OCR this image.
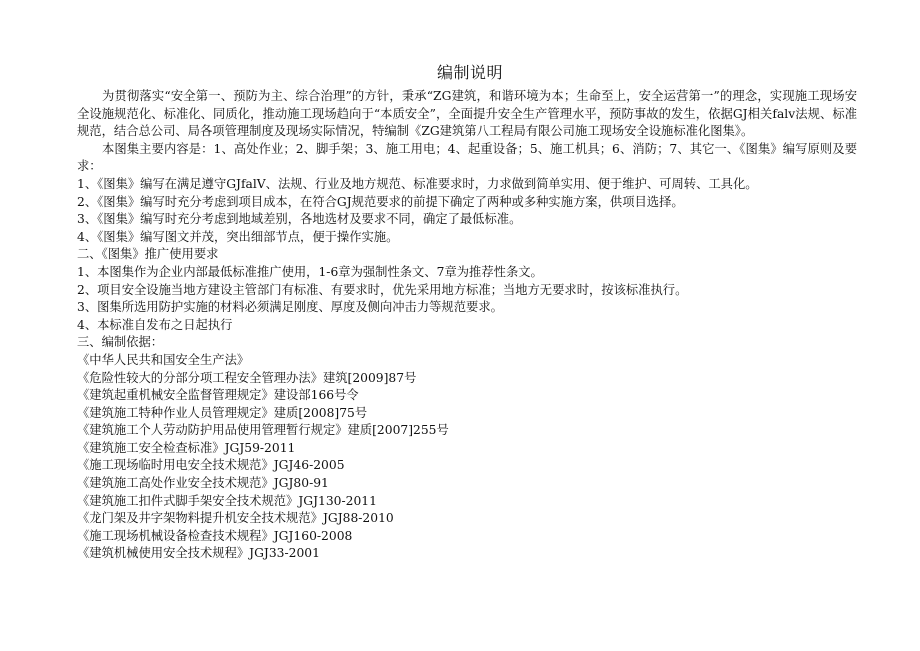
编制说明

为贯彻落实“安全第一、预防为主、综合治理”的方针，秉承“ZG建筑，和谐环境为本；生命至上，安全运营第一”的理念，实现施工现场安全设施规范化、标准化、同质化，推动施工现场趋向于“本质安全”，全面提升安全生产管理水平，预防事故的发生，依据GJ相关falv法规、标准规范，结合总公司、局各项管理制度及现场实际情况，特编制《ZG建筑第八工程局有限公司施工现场安全设施标准化图集》。

本图集主要内容是：1、高处作业；2、脚手架；3、施工用电；4、起重设备；5、施工机具；6、消防；7、其它一、《图集》编写原则及要求：

1、《图集》编写在满足遵守GJfalV、法规、行业及地方规范、标准要求时，力求做到简单实用、便于维护、可周转、工具化。

2、《图集》编写时充分考虑到项目成本，在符合GJ规范要求的前提下确定了两种或多种实施方案，供项目选择。

3、《图集》编写时充分考虑到地域差别，各地选材及要求不同，确定了最低标准。

4、《图集》编写图文并茂，突出细部节点，便于操作实施。

二、《图集》推广使用要求

1、本图集作为企业内部最低标准推广使用，1-6章为强制性条文、7章为推荐性条文。

2、项目安全设施当地方建设主管部门有标准、有要求时，优先采用地方标准；当地方无要求时，按该标准执行。

3、图集所选用防护实施的材料必须满足刚度、厚度及侧向冲击力等规范要求。

4、本标准自发布之日起执行

三、编制依据：

《中华人民共和国安全生产法》

《危险性较大的分部分项工程安全管理办法》建筑[2009]87号

《建筑起重机械安全监督管理规定》建设部166号令

《建筑施工特种作业人员管理规定》建质[2008]75号

《建筑施工个人劳动防护用品使用管理暂行规定》建质[2007]255号

《建筑施工安全检查标准》JGJ59-2011

《施工现场临时用电安全技术规范》JGJ46-2005

《建筑施工高处作业安全技术规范》JGJ80-91

《建筑施工扣件式脚手架安全技术规范》JGJ130-2011

《龙门架及井字架物料提升机安全技术规范》JGJ88-2010

《施工现场机械设备检查技术规程》JGJ160-2008

《建筑机械使用安全技术规程》JGJ33-2001
